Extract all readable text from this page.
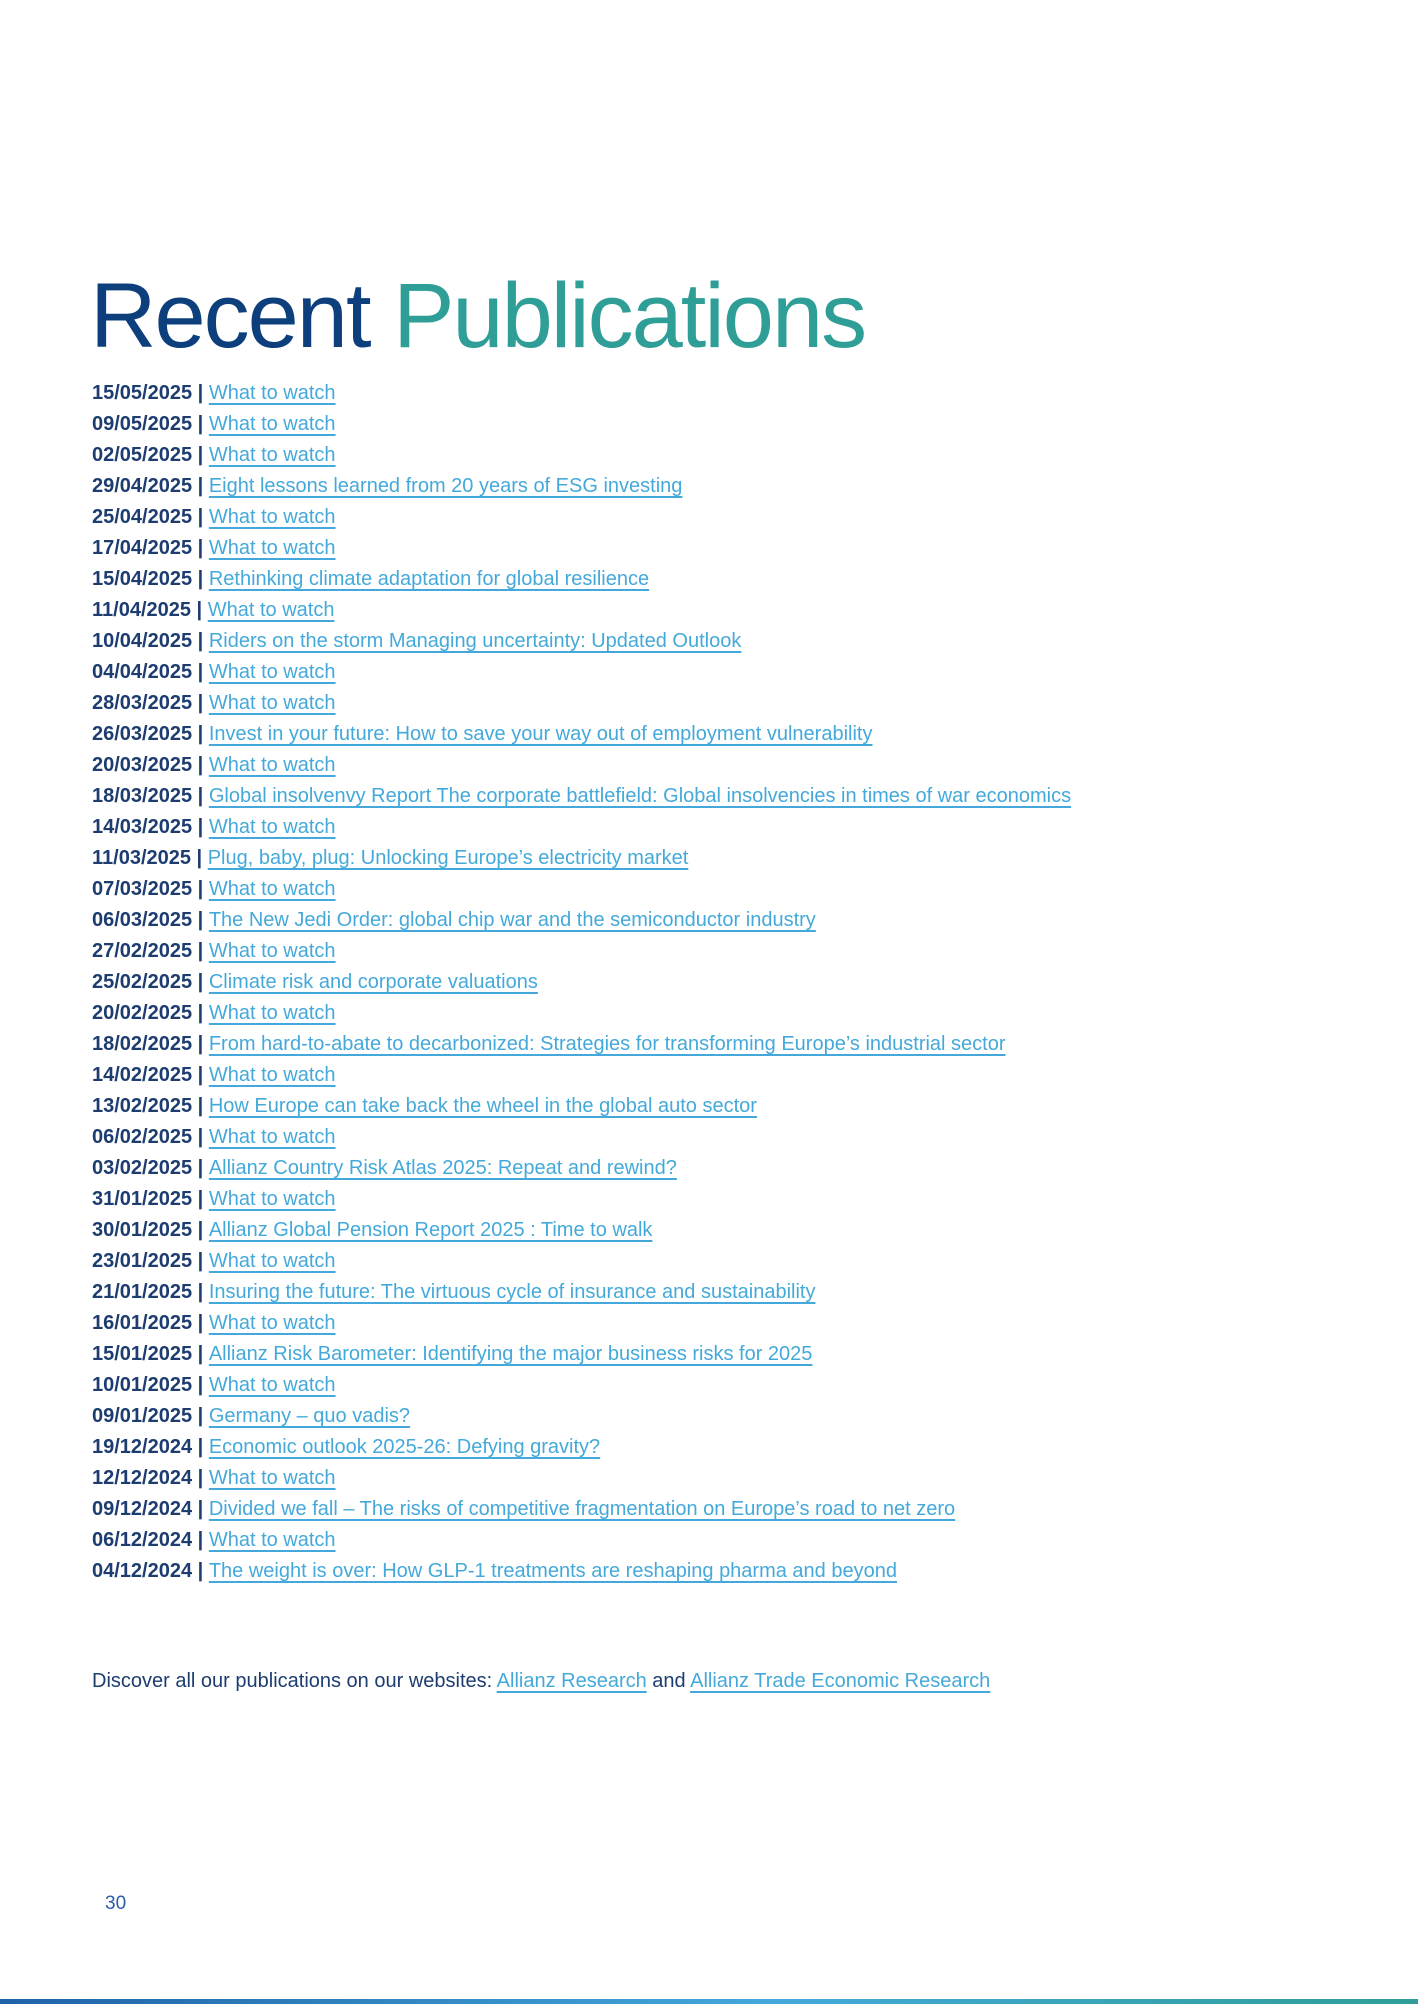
Recent Publications
15/05/2025 | What to watch
09/05/2025 | What to watch
02/05/2025 | What to watch
29/04/2025 | Eight lessons learned from 20 years of ESG investing
25/04/2025 | What to watch
17/04/2025 | What to watch
15/04/2025 | Rethinking climate adaptation for global resilience
11/04/2025 | What to watch
10/04/2025 | Riders on the storm Managing uncertainty: Updated Outlook
04/04/2025 | What to watch
28/03/2025 | What to watch
26/03/2025 | Invest in your future: How to save your way out of employment vulnerability
20/03/2025 | What to watch
18/03/2025 | Global insolvenvy Report The corporate battlefield: Global insolvencies in times of war economics
14/03/2025 | What to watch
11/03/2025 | Plug, baby, plug: Unlocking Europe’s electricity market
07/03/2025 | What to watch
06/03/2025 | The New Jedi Order: global chip war and the semiconductor industry
27/02/2025 | What to watch
25/02/2025 | Climate risk and corporate valuations
20/02/2025 | What to watch
18/02/2025 | From hard-to-abate to decarbonized: Strategies for transforming Europe’s industrial sector
14/02/2025 | What to watch
13/02/2025 | How Europe can take back the wheel in the global auto sector
06/02/2025 | What to watch
03/02/2025 | Allianz Country Risk Atlas 2025: Repeat and rewind?
31/01/2025 | What to watch
30/01/2025 | Allianz Global Pension Report 2025 : Time to walk
23/01/2025 | What to watch
21/01/2025 | Insuring the future: The virtuous cycle of insurance and sustainability
16/01/2025 | What to watch
15/01/2025 | Allianz Risk Barometer: Identifying the major business risks for 2025
10/01/2025 | What to watch
09/01/2025 | Germany – quo vadis?
19/12/2024 | Economic outlook 2025-26: Defying gravity?
12/12/2024 | What to watch
09/12/2024 | Divided we fall – The risks of competitive fragmentation on Europe’s road to net zero
06/12/2024 | What to watch
04/12/2024 | The weight is over: How GLP-1 treatments are reshaping pharma and beyond

Discover all our publications on our websites: Allianz Research and Allianz Trade Economic Research

30
